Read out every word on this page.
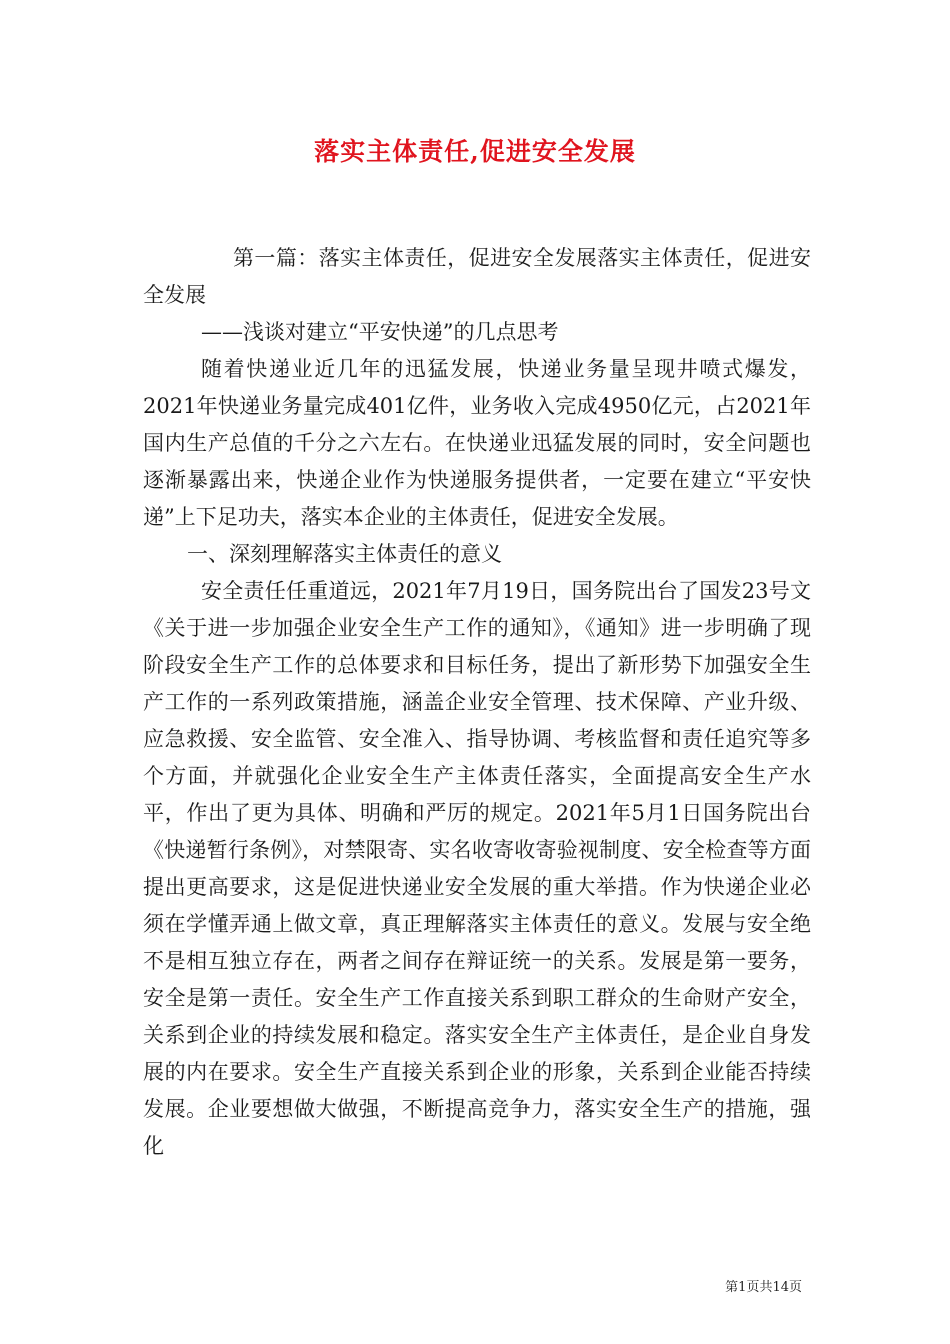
落实主体责任,促进安全发展

第一篇：落实主体责任，促进安全发展落实主体责任，促进安全发展

——浅谈对建立“平安快递”的几点思考

随着快递业近几年的迅猛发展，快递业务量呈现井喷式爆发，2021年快递业务量完成401亿件，业务收入完成4950亿元，占2021年国内生产总值的千分之六左右。在快递业迅猛发展的同时，安全问题也逐渐暴露出来，快递企业作为快递服务提供者，一定要在建立“平安快递”上下足功夫，落实本企业的主体责任，促进安全发展。

一、深刻理解落实主体责任的意义

安全责任任重道远，2021年7月19日，国务院出台了国发23号文《关于进一步加强企业安全生产工作的通知》，《通知》进一步明确了现阶段安全生产工作的总体要求和目标任务，提出了新形势下加强安全生产工作的一系列政策措施，涵盖企业安全管理、技术保障、产业升级、应急救援、安全监管、安全准入、指导协调、考核监督和责任追究等多个方面，并就强化企业安全生产主体责任落实，全面提高安全生产水平，作出了更为具体、明确和严厉的规定。2021年5月1日国务院出台《快递暂行条例》，对禁限寄、实名收寄收寄验视制度、安全检查等方面提出更高要求，这是促进快递业安全发展的重大举措。作为快递企业必须在学懂弄通上做文章，真正理解落实主体责任的意义。发展与安全绝不是相互独立存在，两者之间存在辩证统一的关系。发展是第一要务，安全是第一责任。安全生产工作直接关系到职工群众的生命财产安全，关系到企业的持续发展和稳定。落实安全生产主体责任，是企业自身发展的内在要求。安全生产直接关系到企业的形象，关系到企业能否持续发展。企业要想做大做强，不断提高竞争力，落实安全生产的措施，强化

第1页共14页
